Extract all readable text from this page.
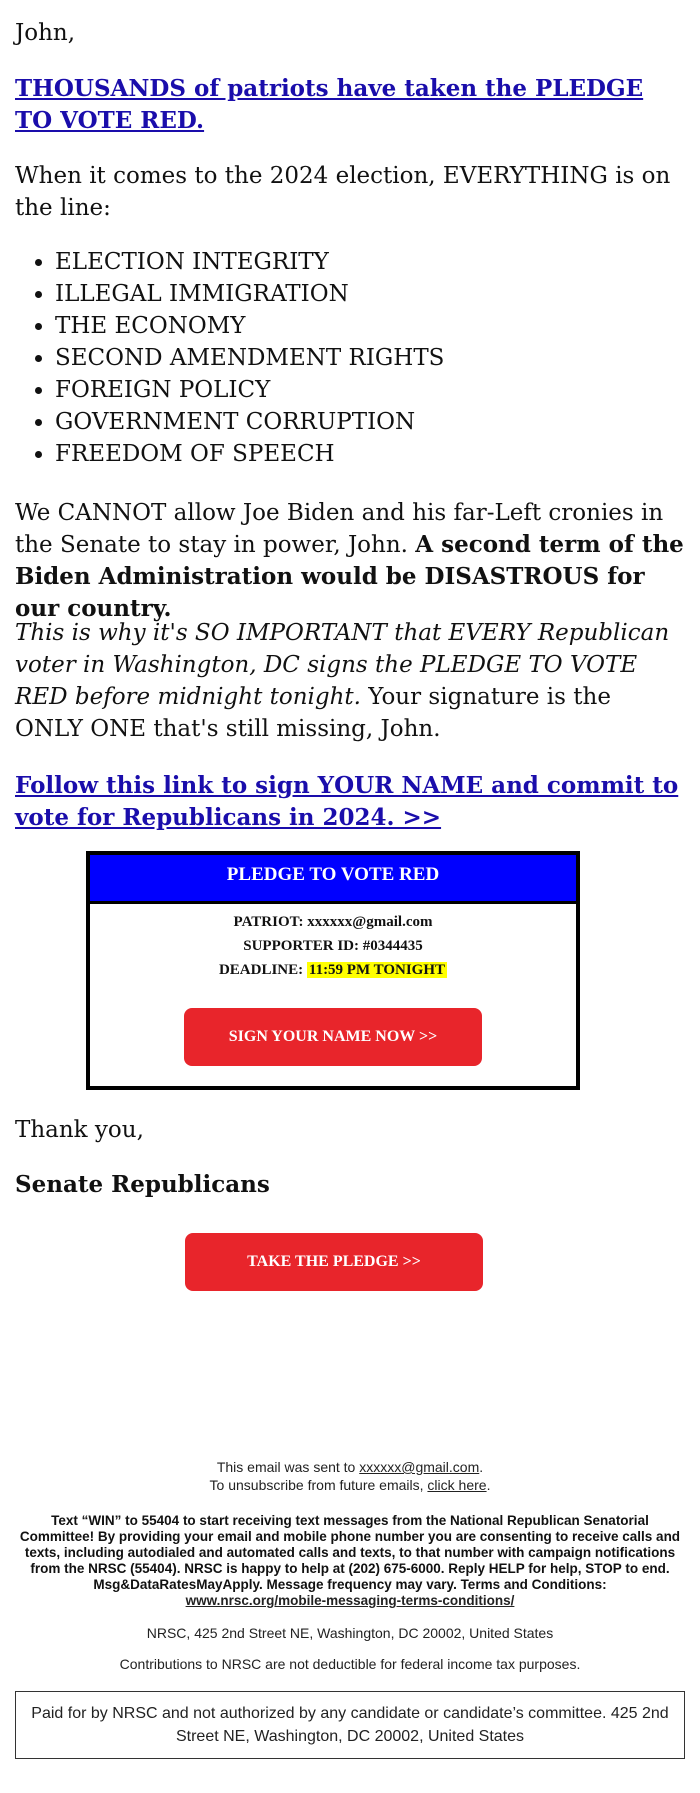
John,

THOUSANDS of patriots have taken the PLEDGE TO VOTE RED.

When it comes to the 2024 election, EVERYTHING is on the line:

• ELECTION INTEGRITY
• ILLEGAL IMMIGRATION
• THE ECONOMY
• SECOND AMENDMENT RIGHTS
• FOREIGN POLICY
• GOVERNMENT CORRUPTION
• FREEDOM OF SPEECH

We CANNOT allow Joe Biden and his far-Left cronies in the Senate to stay in power, John. A second term of the Biden Administration would be DISASTROUS for our country.

This is why it's SO IMPORTANT that EVERY Republican voter in Washington, DC signs the PLEDGE TO VOTE RED before midnight tonight. Your signature is the ONLY ONE that's still missing, John.

Follow this link to sign YOUR NAME and commit to vote for Republicans in 2024. >>
Thank you,
Senate Republicans
PLEDGE TO VOTE RED
PATRIOT: xxxxxx@gmail.com
SUPPORTER ID: #0344435
DEADLINE: 11:59 PM TONIGHT
SIGN YOUR NAME NOW >>
TAKE THE PLEDGE >>
This email was sent to xxxxxx@gmail.com.
To unsubscribe from future emails, click here.
Text “WIN” to 55404 to start receiving text messages from the National Republican Senatorial Committee! By providing your email and mobile phone number you are consenting to receive calls and texts, including autodialed and automated calls and texts, to that number with campaign notifications from the NRSC (55404). NRSC is happy to help at (202) 675-6000. Reply HELP for help, STOP to end. Msg&DataRatesMayApply. Message frequency may vary. Terms and Conditions:
www.nrsc.org/mobile-messaging-terms-conditions/
NRSC, 425 2nd Street NE, Washington, DC 20002, United States
Contributions to NRSC are not deductible for federal income tax purposes.
Paid for by NRSC and not authorized by any candidate or candidate’s committee. 425 2nd Street NE, Washington, DC 20002, United States
